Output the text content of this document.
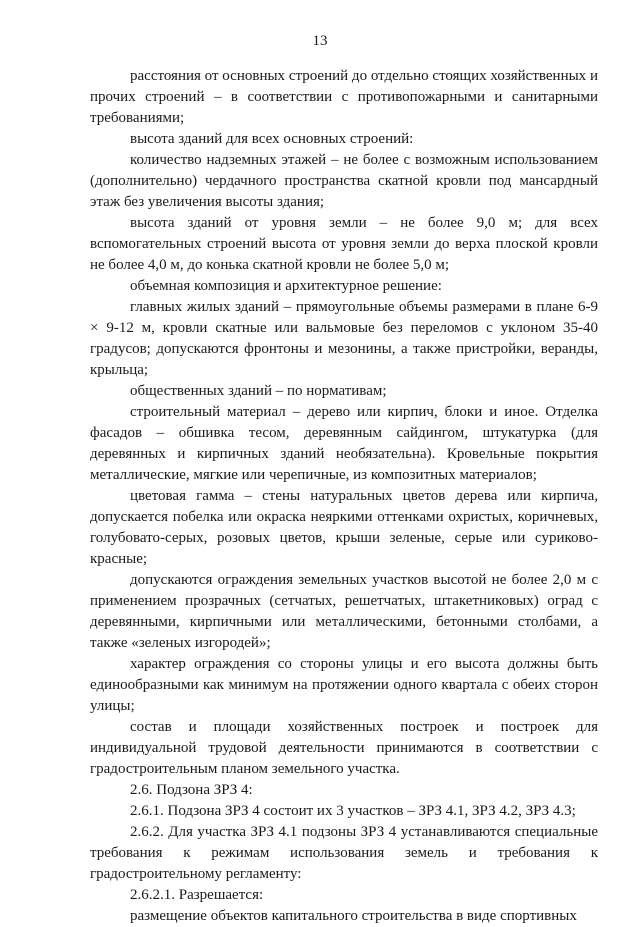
13

расстояния от основных строений до отдельно стоящих хозяйственных и прочих строений – в соответствии с противопожарными и санитарными требованиями;

высота зданий для всех основных строений:

количество надземных этажей – не более с возможным использованием (дополнительно) чердачного пространства скатной кровли под мансардный этаж без увеличения высоты здания;

высота зданий от уровня земли – не более 9,0 м; для всех вспомогательных строений высота от уровня земли до верха плоской кровли не более 4,0 м, до конька скатной кровли не более 5,0 м;

объемная композиция и архитектурное решение:

главных жилых зданий – прямоугольные объемы размерами в плане 6-9 × 9-12 м, кровли скатные или вальмовые без переломов с уклоном 35-40 градусов; допускаются фронтоны и мезонины, а также пристройки, веранды, крыльца;

общественных зданий – по нормативам;

строительный материал – дерево или кирпич, блоки и иное. Отделка фасадов – обшивка тесом, деревянным сайдингом, штукатурка (для деревянных и кирпичных зданий необязательна). Кровельные покрытия металлические, мягкие или черепичные, из композитных материалов;

цветовая гамма – стены натуральных цветов дерева или кирпича, допускается побелка или окраска неяркими оттенками охристых, коричневых, голубовато-серых, розовых цветов, крыши зеленые, серые или суриково-красные;

допускаются ограждения земельных участков высотой не более 2,0 м с применением прозрачных (сетчатых, решетчатых, штакетниковых) оград с деревянными, кирпичными или металлическими, бетонными столбами, а также «зеленых изгородей»;

характер ограждения со стороны улицы и его высота должны быть единообразными как минимум на протяжении одного квартала с обеих сторон улицы;

состав и площади хозяйственных построек и построек для индивидуальной трудовой деятельности принимаются в соответствии с градостроительным планом земельного участка.

2.6. Подзона ЗРЗ 4:

2.6.1. Подзона ЗРЗ 4 состоит их 3 участков – ЗРЗ 4.1, ЗРЗ 4.2, ЗРЗ 4.3;

2.6.2. Для участка ЗРЗ 4.1 подзоны ЗРЗ 4 устанавливаются специальные требования к режимам использования земель и требования к градостроительному регламенту:

2.6.2.1. Разрешается:

размещение объектов капитального строительства в виде спортивных
